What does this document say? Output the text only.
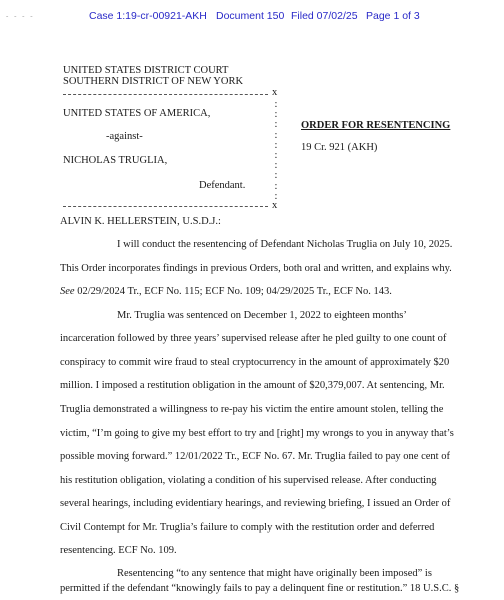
- - - -	Case 1:19-cr-00921-AKH Document 150 Filed 07/02/25 Page 1 of 3
UNITED STATES DISTRICT COURT
SOUTHERN DISTRICT OF NEW YORK
x
:
:
:
:
:
:
:
:
:
:
UNITED STATES OF AMERICA,
-against-
NICHOLAS TRUGLIA,
Defendant.
x
ORDER FOR RESENTENCING
19 Cr. 921 (AKH)
ALVIN K. HELLERSTEIN, U.S.D.J.:
I will conduct the resentencing of Defendant Nicholas Truglia on July 10, 2025.
This Order incorporates findings in previous Orders, both oral and written, and explains why.
See 02/29/2024 Tr., ECF No. 115; ECF No. 109; 04/29/2025 Tr., ECF No. 143.
Mr. Truglia was sentenced on December 1, 2022 to eighteen months’
incarceration followed by three years’ supervised release after he pled guilty to one count of
conspiracy to commit wire fraud to steal cryptocurrency in the amount of approximately $20
million. I imposed a restitution obligation in the amount of $20,379,007. At sentencing, Mr.
Truglia demonstrated a willingness to re-pay his victim the entire amount stolen, telling the
victim, “I’m going to give my best effort to try and [right] my wrongs to you in anyway that’s
possible moving forward.” 12/01/2022 Tr., ECF No. 67. Mr. Truglia failed to pay one cent of
his restitution obligation, violating a condition of his supervised release. After conducting
several hearings, including evidentiary hearings, and reviewing briefing, I issued an Order of
Civil Contempt for Mr. Truglia’s failure to comply with the restitution order and deferred
resentencing. ECF No. 109.
Resentencing “to any sentence that might have originally been imposed” is
permitted if the defendant “knowingly fails to pay a delinquent fine or restitution.” 18 U.S.C. §
